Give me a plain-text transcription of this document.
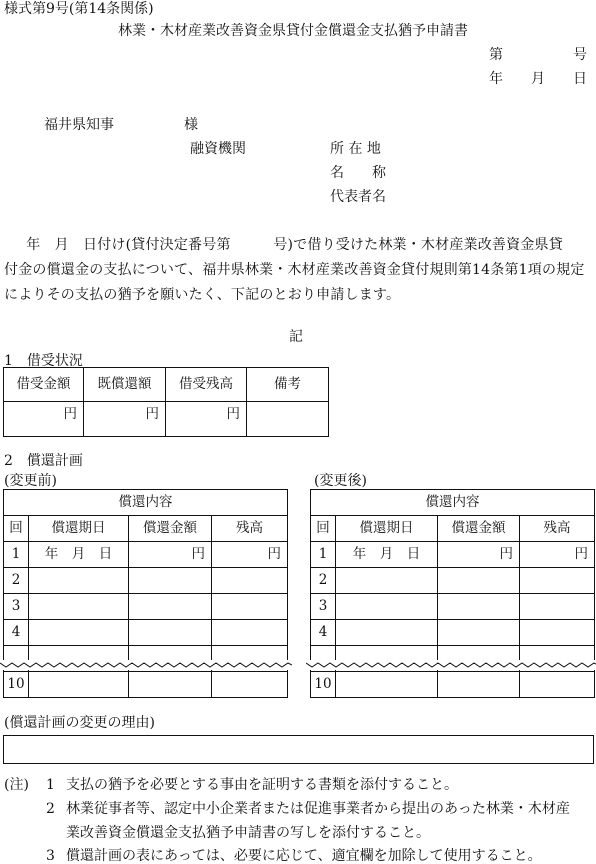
様式第9号(第14条関係)
林業・木材産業改善資金県貸付金償還金支払猶予申請書
第　　　　　号
年　　月　　日
福井県知事　　　　　様
融資機関	所 在 地
名　　称
代表者名
　年　月　日付け(貸付決定番号第　　　号)で借り受けた林業・木材産業改善資金県貸
付金の償還金の支払について、福井県林業・木材産業改善資金貸付規則第14条第1項の規定
によりその支払の猶予を願いたく、下記のとおり申請します。
記
1　借受状況
借受金額	既償還額	借受残高	備考
円	円	円	
2　償還計画
(変更前)	(変更後)
償還内容			
回	償還期日	償還金額	残高
1	年　月　日	円	円
2			
3			
4			

10			
償還内容			
回	償還期日	償還金額	残高
1	年　月　日	円	円
2			
3			
4			

10			
(償還計画の変更の理由)
(注) 1 支払の猶予を必要とする事由を証明する書類を添付すること。
2 林業従事者等、認定中小企業者または促進事業者から提出のあった林業・木材産
業改善資金償還金支払猶予申請書の写しを添付すること。
3 償還計画の表にあっては、必要に応じて、適宜欄を加除して使用すること。
